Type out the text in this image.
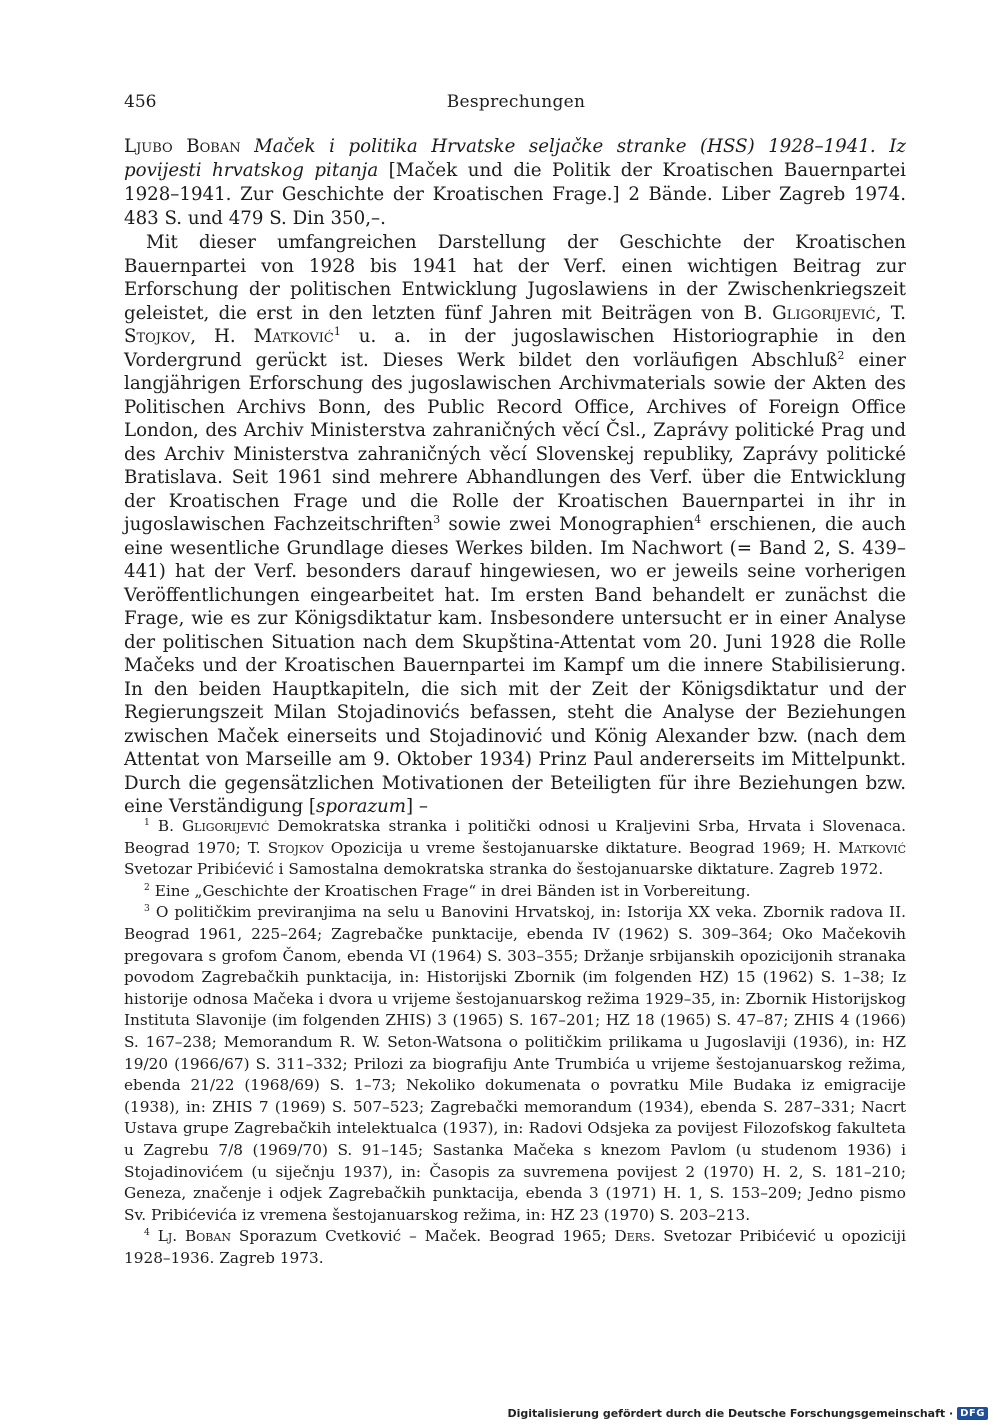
456	Besprechungen
Ljubo Boban Maček i politika Hrvatske seljačke stranke (HSS) 1928–1941. Iz povijesti hrvatskog pitanja [Maček und die Politik der Kroatischen Bauernpartei 1928–1941. Zur Geschichte der Kroatischen Frage.] 2 Bände. Liber Zagreb 1974. 483 S. und 479 S. Din 350,–.

Mit dieser umfangreichen Darstellung der Geschichte der Kroatischen Bauernpartei von 1928 bis 1941 hat der Verf. einen wichtigen Beitrag zur Erforschung der politischen Entwicklung Jugoslawiens in der Zwischenkriegszeit geleistet, die erst in den letzten fünf Jahren mit Beiträgen von B. Gligorijević, T. Stojkov, H. Matković$^1$ u. a. in der jugoslawischen Historiographie in den Vordergrund gerückt ist. Dieses Werk bildet den vorläufigen Abschluß$^2$ einer langjährigen Erforschung des jugoslawischen Archivmaterials sowie der Akten des Politischen Archivs Bonn, des Public Record Office, Archives of Foreign Office London, des Archiv Ministerstva zahraničných věcí Čsl., Zaprávy politické Prag und des Archiv Ministerstva zahraničných věcí Slovenskej republiky, Zaprávy politické Bratislava. Seit 1961 sind mehrere Abhandlungen des Verf. über die Entwicklung der Kroatischen Frage und die Rolle der Kroatischen Bauernpartei in ihr in jugoslawischen Fachzeitschriften$^3$ sowie zwei Monographien$^4$ erschienen, die auch eine wesentliche Grundlage dieses Werkes bilden. Im Nachwort (= Band 2, S. 439–441) hat der Verf. besonders darauf hingewiesen, wo er jeweils seine vorherigen Veröffentlichungen eingearbeitet hat. Im ersten Band behandelt er zunächst die Frage, wie es zur Königsdiktatur kam. Insbesondere untersucht er in einer Analyse der politischen Situation nach dem Skupština-Attentat vom 20. Juni 1928 die Rolle Mačeks und der Kroatischen Bauernpartei im Kampf um die innere Stabilisierung. In den beiden Hauptkapiteln, die sich mit der Zeit der Königsdiktatur und der Regierungszeit Milan Stojadinovićs befassen, steht die Analyse der Beziehungen zwischen Maček einerseits und Stojadinović und König Alexander bzw. (nach dem Attentat von Marseille am 9. Oktober 1934) Prinz Paul andererseits im Mittelpunkt. Durch die gegensätzlichen Motivationen der Beteiligten für ihre Beziehungen bzw. eine Verständigung [sporazum] –

$^1$ B. Gligorijević Demokratska stranka i politički odnosi u Kraljevini Srba, Hrvata i Slovenaca. Beograd 1970; T. Stojkov Opozicija u vreme šestojanuarske diktature. Beograd 1969; H. Matković Svetozar Pribićević i Samostalna demokratska stranka do šestojanuarske diktature. Zagreb 1972.

$^2$ Eine „Geschichte der Kroatischen Frage“ in drei Bänden ist in Vorbereitung.

$^3$ O političkim previranjima na selu u Banovini Hrvatskoj, in: Istorija XX veka. Zbornik radova II. Beograd 1961, 225–264; Zagrebačke punktacije, ebenda IV (1962) S. 309–364; Oko Mačekovih pregovara s grofom Čanom, ebenda VI (1964) S. 303–355; Držanje srbijanskih opozicijonih stranaka povodom Zagrebačkih punktacija, in: Historijski Zbornik (im folgenden HZ) 15 (1962) S. 1–38; Iz historije odnosa Mačeka i dvora u vrijeme šestojanuarskog režima 1929–35, in: Zbornik Historijskog Instituta Slavonije (im folgenden ZHIS) 3 (1965) S. 167–201; HZ 18 (1965) S. 47–87; ZHIS 4 (1966) S. 167–238; Memorandum R. W. Seton-Watsona o političkim prilikama u Jugoslaviji (1936), in: HZ 19/20 (1966/67) S. 311–332; Prilozi za biografiju Ante Trumbića u vrijeme šestojanuarskog režima, ebenda 21/22 (1968/69) S. 1–73; Nekoliko dokumenata o povratku Mile Budaka iz emigracije (1938), in: ZHIS 7 (1969) S. 507–523; Zagrebački memorandum (1934), ebenda S. 287–331; Nacrt Ustava grupe Zagrebačkih intelektualca (1937), in: Radovi Odsjeka za povijest Filozofskog fakulteta u Zagrebu 7/8 (1969/70) S. 91–145; Sastanka Mačeka s knezom Pavlom (u studenom 1936) i Stojadinovićem (u siječnju 1937), in: Časopis za suvremena povijest 2 (1970) H. 2, S. 181–210; Geneza, značenje i odjek Zagrebačkih punktacija, ebenda 3 (1971) H. 1, S. 153–209; Jedno pismo Sv. Pribićevića iz vremena šestojanuarskog režima, in: HZ 23 (1970) S. 203–213.

$^4$ Lj. Boban Sporazum Cvetković – Maček. Beograd 1965; Ders. Svetozar Pribićević u opoziciji 1928–1936. Zagreb 1973.

Digitalisierung gefördert durch die Deutsche Forschungsgemeinschaft · DFG
